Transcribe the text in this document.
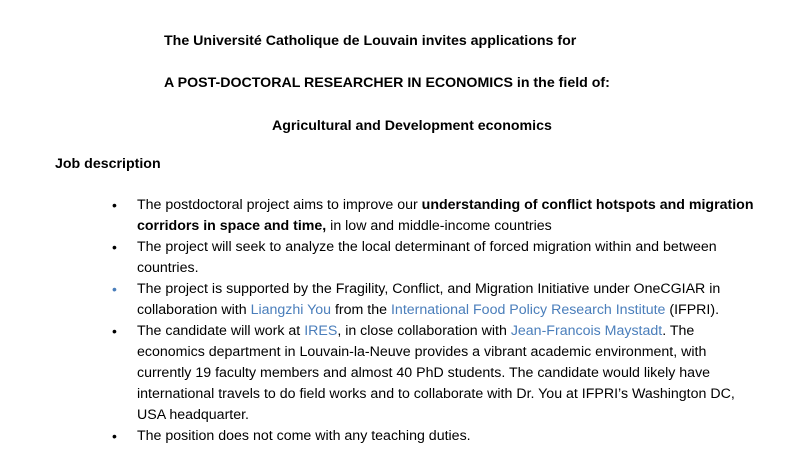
The Université Catholique de Louvain invites applications for
A POST-DOCTORAL RESEARCHER IN ECONOMICS in the field of:
Agricultural and Development economics
Job description
• The postdoctoral project aims to improve our understanding of conflict hotspots and migration corridors in space and time, in low and middle-income countries
• The project will seek to analyze the local determinant of forced migration within and between countries.
• The project is supported by the Fragility, Conflict, and Migration Initiative under OneCGIAR in collaboration with Liangzhi You from the International Food Policy Research Institute (IFPRI).
• The candidate will work at IRES, in close collaboration with Jean-Francois Maystadt. The economics department in Louvain-la-Neuve provides a vibrant academic environment, with currently 19 faculty members and almost 40 PhD students. The candidate would likely have international travels to do field works and to collaborate with Dr. You at IFPRI’s Washington DC, USA headquarter.
• The position does not come with any teaching duties.
